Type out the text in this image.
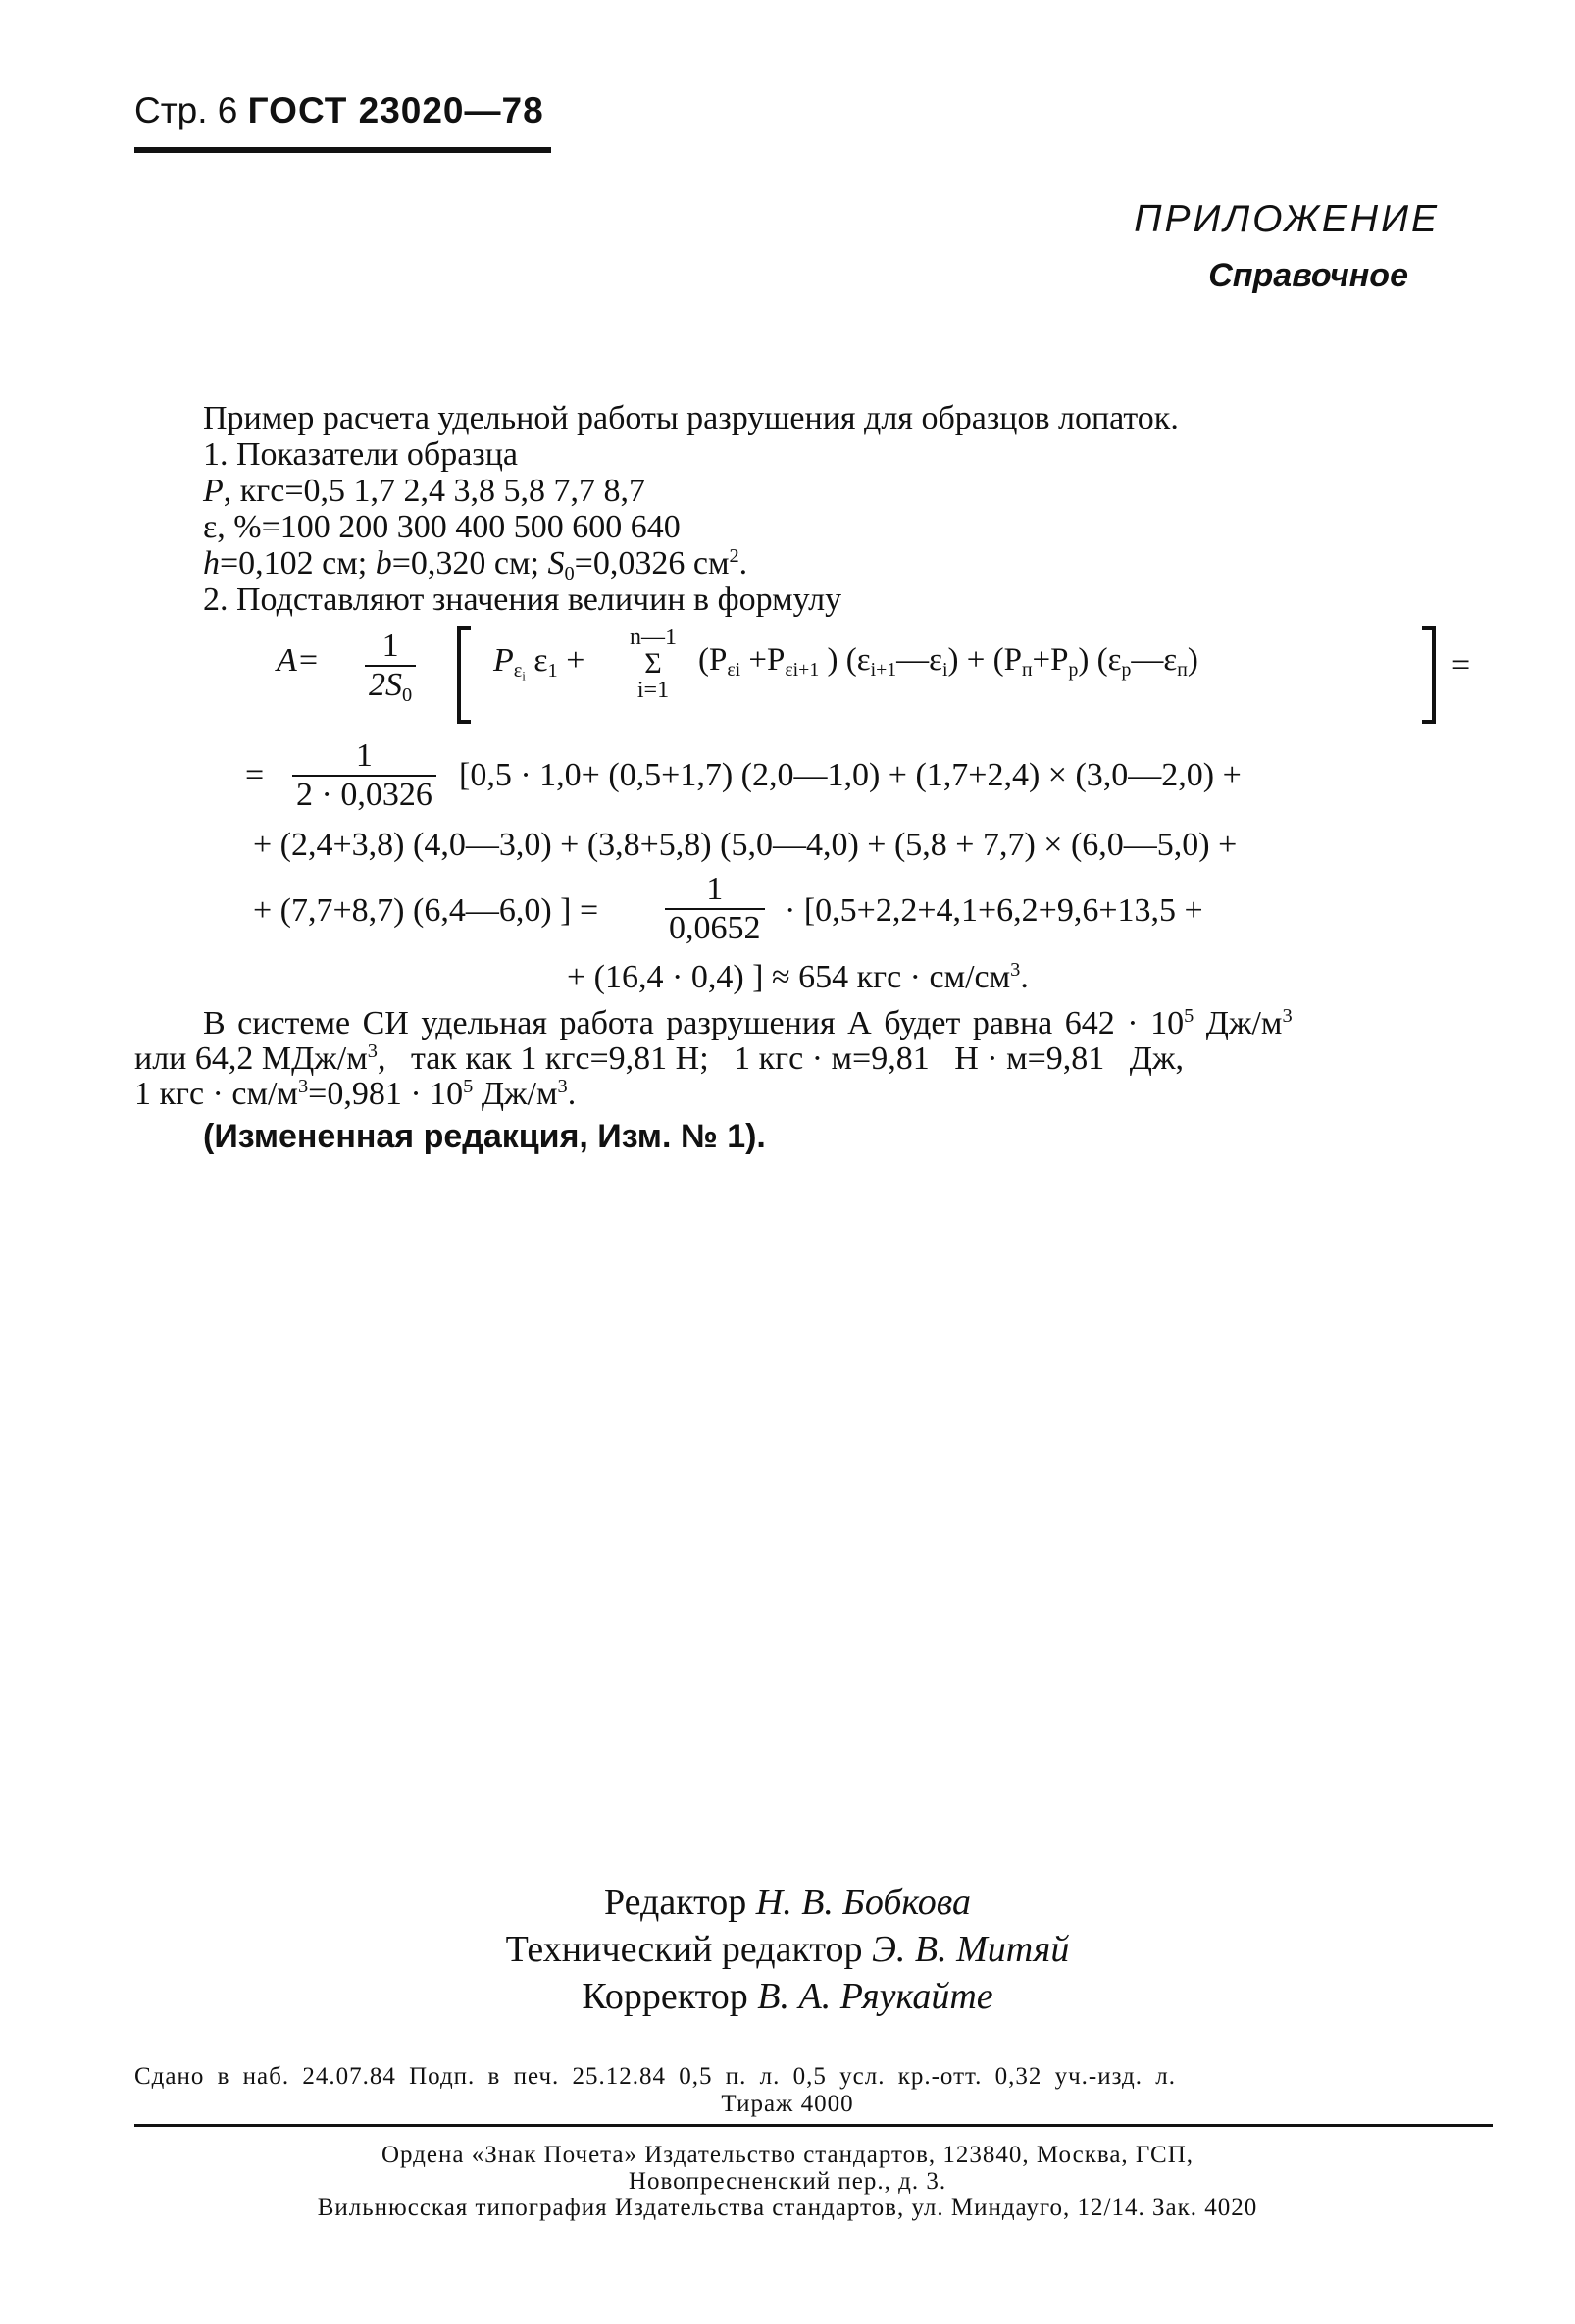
Стр. 6 ГОСТ 23020—78
ПРИЛОЖЕНИЕ
Справочное
Пример расчета удельной работы разрушения для образцов лопаток.
1. Показатели образца
P, кгс=0,5 1,7 2,4 3,8 5,8 7,7 8,7
ε, %=100 200 300 400 500 600 640
h=0,102 см; b=0,320 см; $S_0=0,0326$ $см^2$.
2. Подставляют значения величин в формулу
$A= \frac{1}{2S_0} P_{\varepsilon_i}$ $\varepsilon_1$ +
n—1
Σ
i=1
($P_{\varepsilon i} +P_{\varepsilon i+1}$ ) $(\varepsilon_{i+1}—\varepsilon_i) + (P_п+P_р)$ $(\varepsilon_р—\varepsilon_п)$	=
= $\frac{1}{2 \cdot 0,0326} [0,5 \cdot 1,0+ (0,5+1,7)$ (2,0—1,0) + (1,7+2,4) × (3,0—2,0) +
+ (2,4+3,8) (4,0—3,0) + (3,8+5,8) (5,0—4,0) + (5,8 + 7,7) × (6,0—5,0) +
+ (7,7+8,7) (6,4—6,0) ] = $\frac{1}{0,0652} \cdot [0,5+2,2+4,1+6,2+9,6+13,5$ +
+ (16,4 · 0,4) ] ≈ 654 кгс · $см/см^3$.
В системе СИ удельная работа разрушения А будет равна $642 \cdot 10^5$ $Дж/м^3$
или 64,2 МДж/$м^3$,   так как 1 кгс=9,81 Н;   1 кгс · м=9,81   Н · м=9,81   Дж,
1 кгс · $см/м^3=0,981 \cdot 10^5$ $Дж/м^3$.
(Измененная редакция, Изм. № 1).
Редактор Н. В. Бобкова
Технический редактор Э. В. Митяй
Корректор В. А. Ряукайте
Сдано в наб. 24.07.84 Подп. в печ. 25.12.84 0,5 п. л. 0,5 усл. кр.-отт. 0,32 уч.-изд. л.
Тираж 4000
Ордена «Знак Почета» Издательство стандартов, 123840, Москва, ГСП,
Новопресненский пер., д. 3.
Вильнюсская типография Издательства стандартов, ул. Миндауго, 12/14. Зак. 4020
